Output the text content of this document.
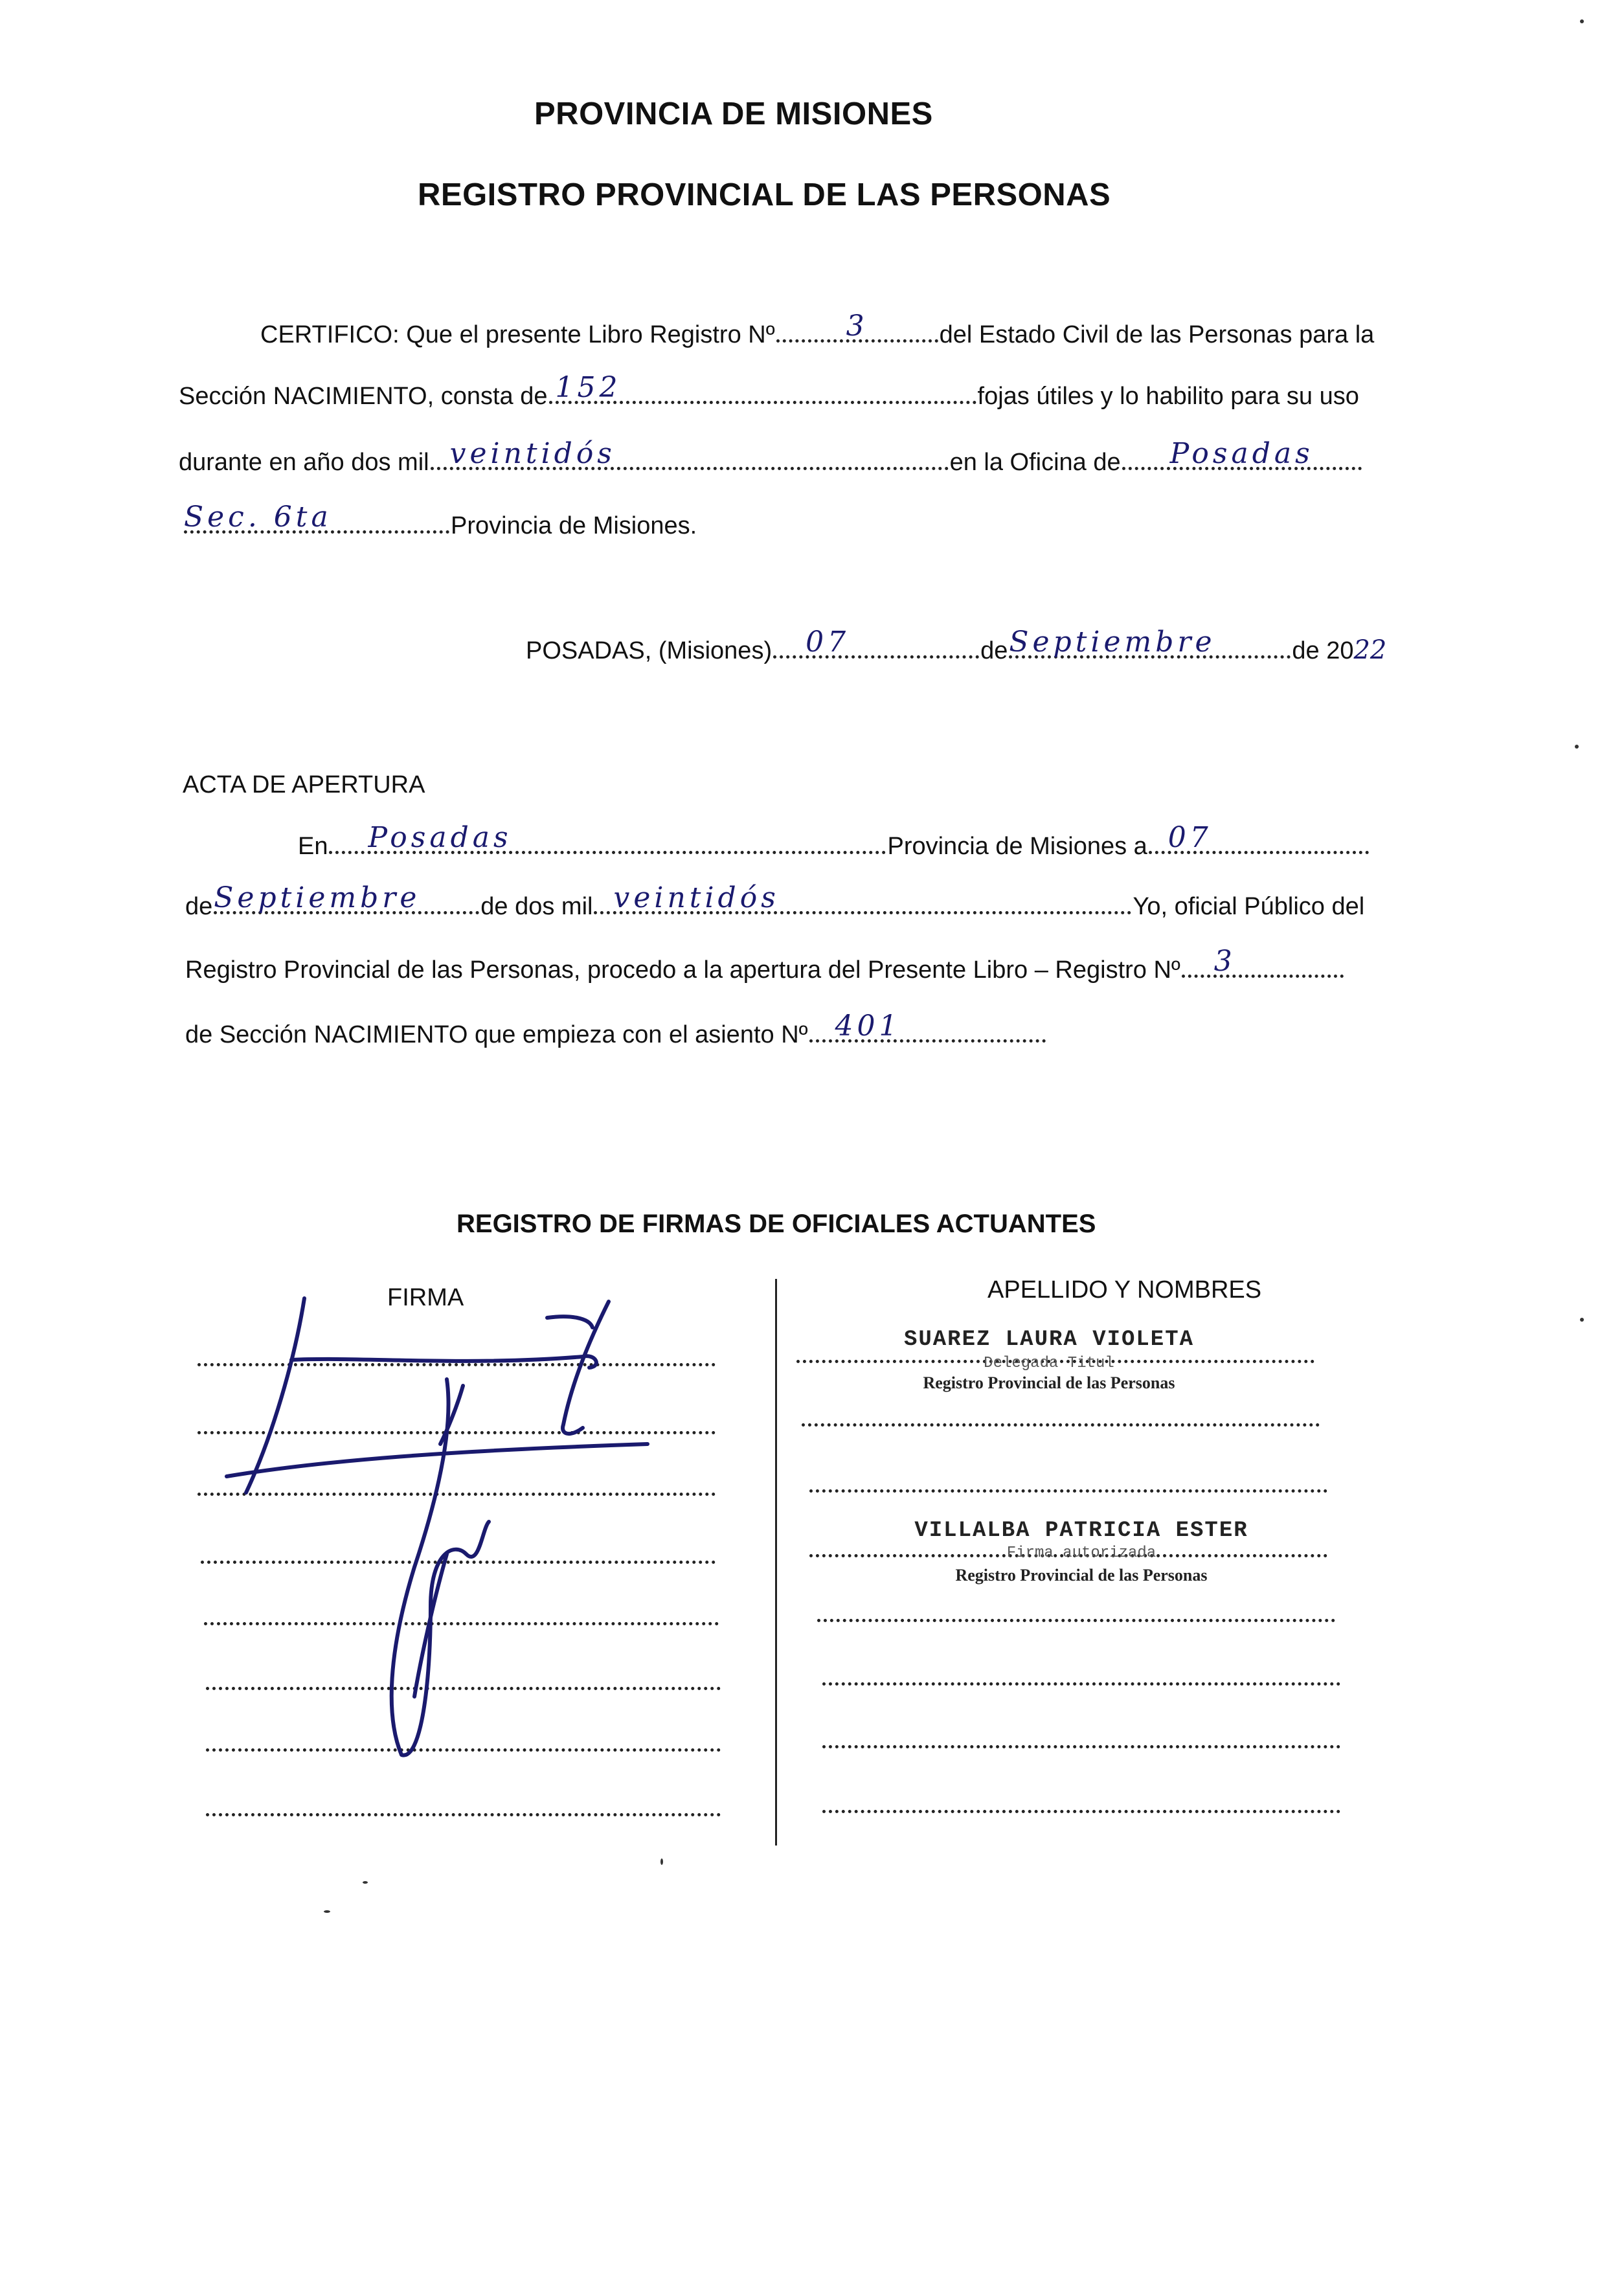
PROVINCIA DE MISIONES
REGISTRO PROVINCIAL DE LAS PERSONAS
CERTIFICO: Que el presente Libro Registro Nº	3	del Estado Civil de las Personas para la
Sección NACIMIENTO, consta de 152	fojas útiles y lo habilito para su uso
durante en año dos mil veintidós	en la Oficina de	Posadas
Sec. 6ta	Provincia de Misiones.
POSADAS, (Misiones) 07	de Septiembre	de 2022
ACTA DE APERTURA
En Posadas	Provincia de Misiones a 07
de Septiembre	de dos mil veintidós	Yo, oficial Público del
Registro Provincial de las Personas, procedo a la apertura del Presente Libro – Registro Nº 3
de Sección NACIMIENTO que empieza con el asiento Nº 401
REGISTRO DE FIRMAS DE OFICIALES ACTUANTES
FIRMA	APELLIDO Y NOMBRES
SUAREZ LAURA VIOLETA
Delegada Titul
Registro Provincial de las Personas
VILLALBA PATRICIA ESTER
Firma autorizada
Registro Provincial de las Personas
